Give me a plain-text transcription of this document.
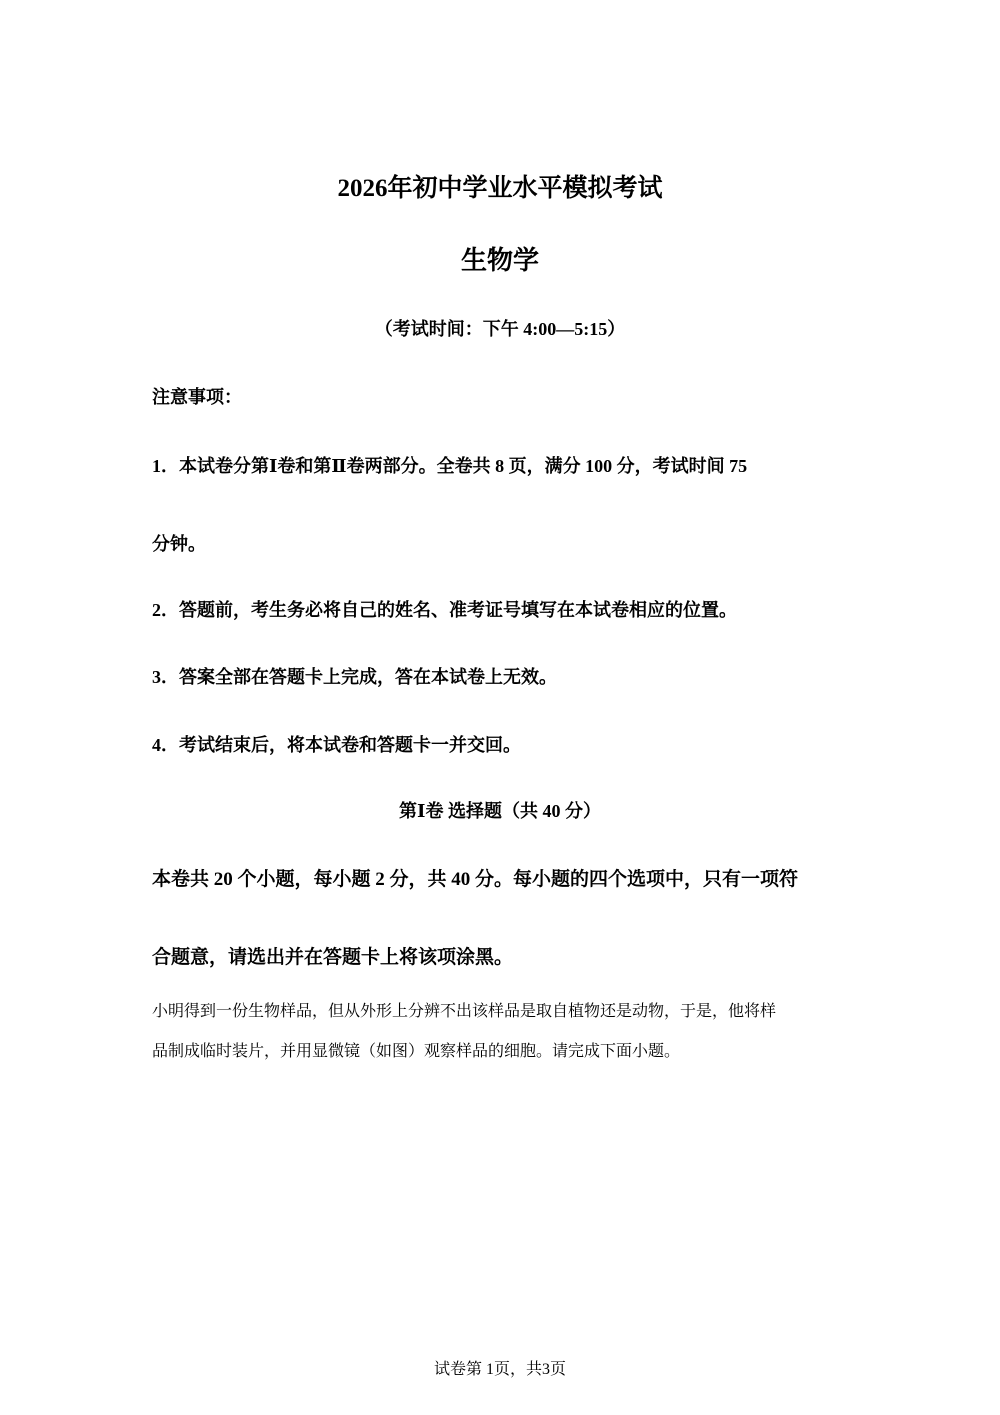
2026年初中学业水平模拟考试
生物学
（考试时间：下午 4:00—5:15）
注意事项：
1．本试卷分第Ⅰ卷和第Ⅱ卷两部分。全卷共 8 页，满分 100 分，考试时间 75
分钟。
2．答题前，考生务必将自己的姓名、准考证号填写在本试卷相应的位置。
3．答案全部在答题卡上完成，答在本试卷上无效。
4．考试结束后，将本试卷和答题卡一并交回。
第Ⅰ卷 选择题（共 40 分）
本卷共 20 个小题，每小题 2 分，共 40 分。每小题的四个选项中，只有一项符
合题意，请选出并在答题卡上将该项涂黑。
小明得到一份生物样品，但从外形上分辨不出该样品是取自植物还是动物，于是，他将样
品制成临时装片，并用显微镜（如图）观察样品的细胞。请完成下面小题。
试卷第 1页，共3页
